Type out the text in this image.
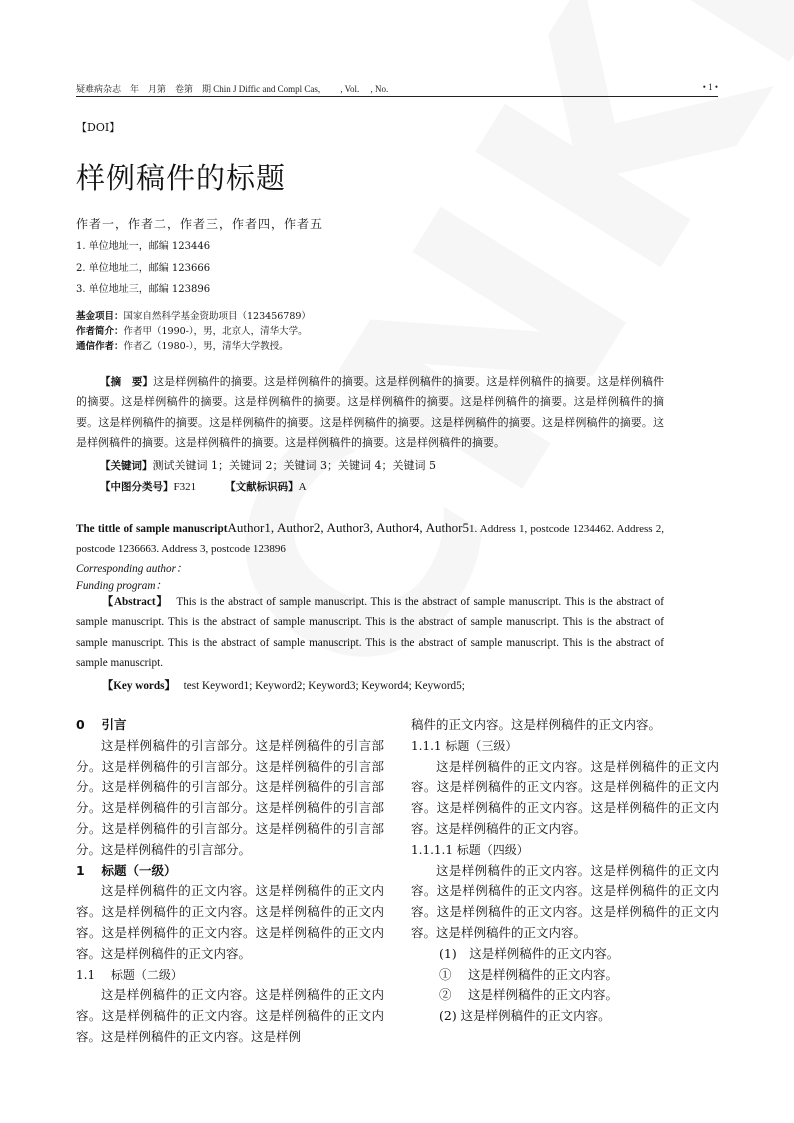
疑难病杂志　年　月第　卷第　期 Chin J Diffic and Compl Cas, 　　, Vol. 　, No.	• 1 •
【DOI】
样例稿件的标题
作者一，作者二，作者三，作者四，作者五
1. 单位地址一，邮编 123446
2. 单位地址二，邮编 123666
3. 单位地址三，邮编 123896
基金项目：国家自然科学基金资助项目（123456789）
作者简介：作者甲（1990-），男，北京人，清华大学。
通信作者：作者乙（1980-），男，清华大学教授。
【摘　要】这是样例稿件的摘要。这是样例稿件的摘要。这是样例稿件的摘要。这是样例稿件的摘要。这是样例稿件的摘要。这是样例稿件的摘要。这是样例稿件的摘要。这是样例稿件的摘要。这是样例稿件的摘要。这是样例稿件的摘要。这是样例稿件的摘要。这是样例稿件的摘要。这是样例稿件的摘要。这是样例稿件的摘要。这是样例稿件的摘要。这是样例稿件的摘要。这是样例稿件的摘要。这是样例稿件的摘要。这是样例稿件的摘要。
【关键词】测试关键词 1；关键词 2；关键词 3；关键词 4；关键词 5
【中图分类号】F321	【文献标识码】A
The tittle of sample manuscriptAuthor1, Author2, Author3, Author4, Author51. Address 1, postcode 1234462. Address 2, postcode 1236663. Address 3, postcode 123896
Corresponding author：
Funding program：
【Abstract】 This is the abstract of sample manuscript. This is the abstract of sample manuscript. This is the abstract of sample manuscript. This is the abstract of sample manuscript. This is the abstract of sample manuscript. This is the abstract of sample manuscript. This is the abstract of sample manuscript. This is the abstract of sample manuscript. This is the abstract of sample manuscript.
【Key words】 test Keyword1; Keyword2; Keyword3; Keyword4; Keyword5;

0　 引言

这是样例稿件的引言部分。这是样例稿件的引言部分。这是样例稿件的引言部分。这是样例稿件的引言部分。这是样例稿件的引言部分。这是样例稿件的引言部分。这是样例稿件的引言部分。这是样例稿件的引言部分。这是样例稿件的引言部分。这是样例稿件的引言部分。这是样例稿件的引言部分。

1　 标题（一级）

这是样例稿件的正文内容。这是样例稿件的正文内容。这是样例稿件的正文内容。这是样例稿件的正文内容。这是样例稿件的正文内容。这是样例稿件的正文内容。这是样例稿件的正文内容。

1.1　 标题（二级）

这是样例稿件的正文内容。这是样例稿件的正文内容。这是样例稿件的正文内容。这是样例稿件的正文内容。这是样例稿件的正文内容。这是样例

稿件的正文内容。这是样例稿件的正文内容。

1.1.1 标题（三级）

这是样例稿件的正文内容。这是样例稿件的正文内容。这是样例稿件的正文内容。这是样例稿件的正文内容。这是样例稿件的正文内容。这是样例稿件的正文内容。这是样例稿件的正文内容。

1.1.1.1 标题（四级）

这是样例稿件的正文内容。这是样例稿件的正文内容。这是样例稿件的正文内容。这是样例稿件的正文内容。这是样例稿件的正文内容。这是样例稿件的正文内容。这是样例稿件的正文内容。

(1)　这是样例稿件的正文内容。

①　 这是样例稿件的正文内容。

②　 这是样例稿件的正文内容。

(2) 这是样例稿件的正文内容。
